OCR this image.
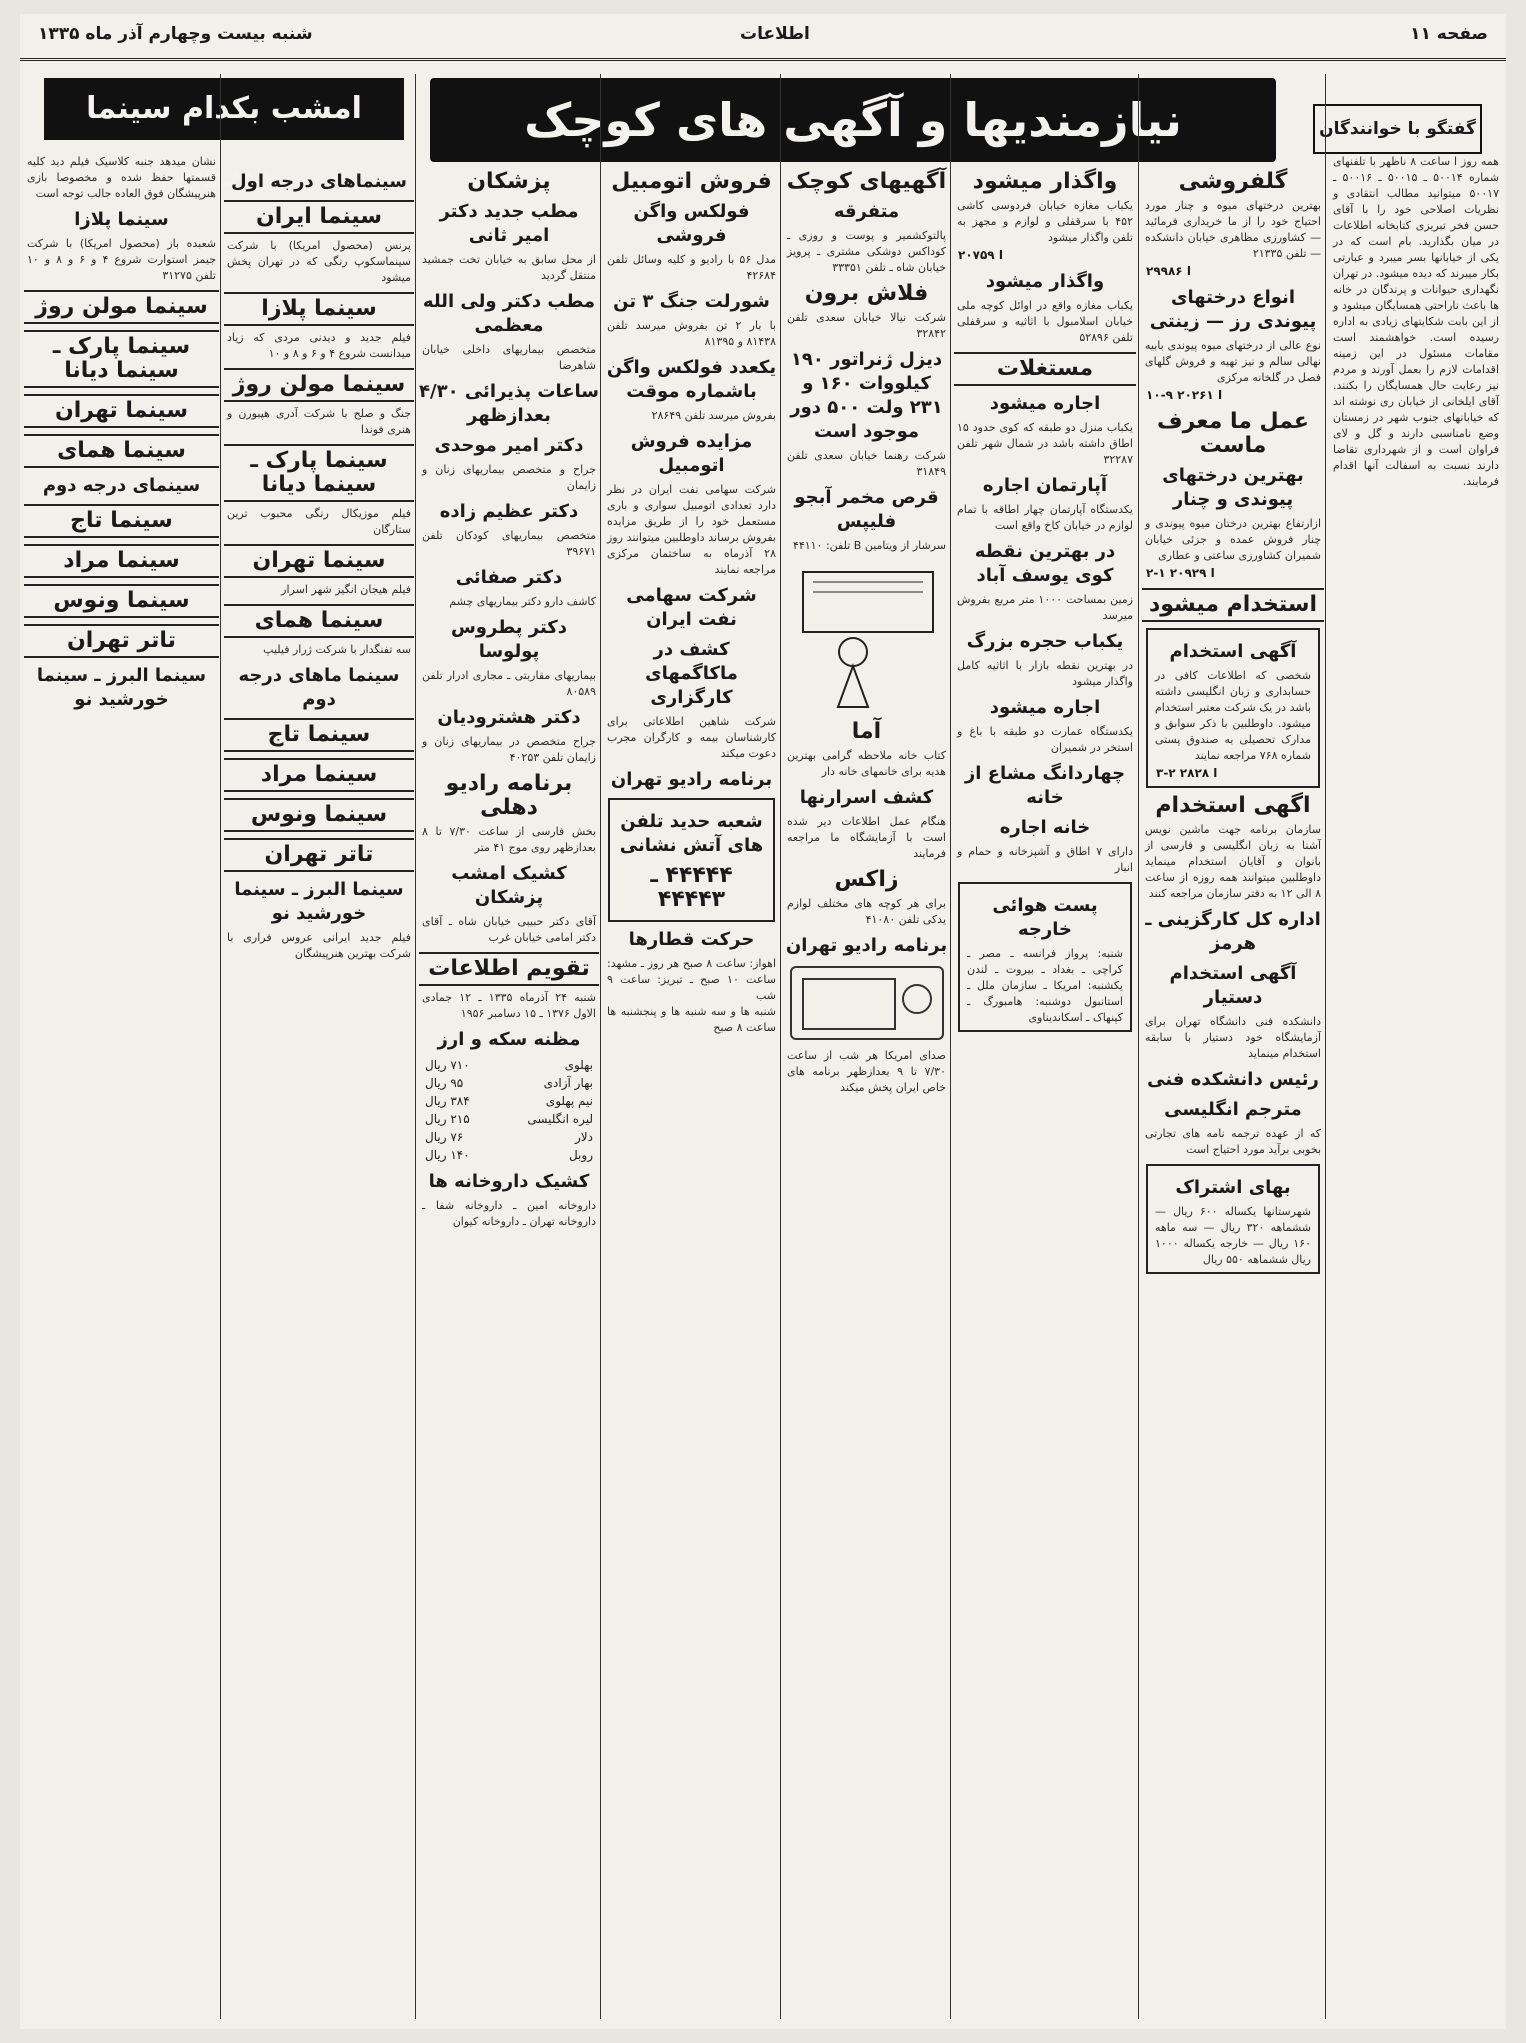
شنبه بیست وچهارم آذر ماه ۱۳۳۵	اطلاعات	صفحه ۱۱
نیازمندیها و آگهی های کوچک
امشب بکدام سینما میروید
گفتگو با خوانندگان
همه روز ا ساعت ۸ ناظهر با تلفنهای شماره ۵۰۰۱۴ ـ ۵۰۰۱۵ ـ ۵۰۰۱۶ ـ ۵۰۰۱۷ میتوانید مطالب انتقادی و نظریات اصلاحی خود را با آقای حسن فخر تبریزی کتابخانه اطلاعات در میان بگذارید. بام است که در یکی از خیابانها بسر میبرد و عبارتی بکار میبرند که دیده میشود. در تهران نگهداری حیوانات و پرندگان در خانه ها باعث ناراحتی همسایگان میشود و از این بابت شکایتهای زیادی به اداره رسیده است. خواهشمند است مقامات مسئول در این زمینه اقدامات لازم را بعمل آورند و مردم نیز رعایت حال همسایگان را بکنند. آقای ایلخانی از خیابان ری نوشته اند که خیابانهای جنوب شهر در زمستان وضع نامناسبی دارند و گل و لای فراوان است و از شهرداری تقاضا دارند نسبت به اسفالت آنها اقدام فرمایند.
گلفروشی
بهترین درختهای میوه و چنار مورد احتیاج خود را از ما خریداری فرمائید — کشاورزی مظاهری خیابان دانشکده — تلفن ۲۱۳۳۵
۲۹۹۸۶ ا
انواع درختهای پیوندی رز — زینتی
نوع عالی از درختهای میوه پیوندی بابیه نهالی سالم و نیز تهیه و فروش گلهای فصل در گلخانه مرکزی
۱۰-۹ ۲۰۲۶۱ ا
عمل ما معرف ماست
بهترین درختهای پیوندی و چنار
ازارتفاع بهترین درختان میوه پیوندی و چنار فروش عمده و جزئی خیابان شمیران کشاورزی ساعتی و عطاری
۲-۱ ۲۰۹۲۹ ا
استخدام میشود
آگهی استخدام
شخصی که اطلاعات کافی در حسابداری و زبان انگلیسی داشته باشد در یک شرکت معتبر استخدام میشود. داوطلبین با ذکر سوابق و مدارک تحصیلی به صندوق پستی شماره ۷۶۸ مراجعه نمایند
۳-۲ ۲۸۲۸ ا
اگهی استخدام
سازمان برنامه جهت ماشین نویس آشنا به زبان انگلیسی و فارسی از بانوان و آقایان استخدام مینماید داوطلبین میتوانند همه روزه از ساعت ۸ الی ۱۲ به دفتر سازمان مراجعه کنند
اداره کل کارگزینی ـ هرمز
آگهی استخدام دستیار
دانشکده فنی دانشگاه تهران برای آزمایشگاه خود دستیار با سابقه استخدام مینماید
رئیس دانشکده فنی
مترجم انگلیسی
که از عهده ترجمه نامه های تجارتی بخوبی برآید مورد احتیاج است
بهای اشتراک
شهرستانها یکساله ۶۰۰ ریال — ششماهه ۳۲۰ ریال — سه ماهه ۱۶۰ ریال — خارجه یکساله ۱۰۰۰ ریال ششماهه ۵۵۰ ریال
واگذار میشود
یکباب مغازه خیابان فردوسی کاشی ۴۵۲ با سرقفلی و لوازم و مجهز به تلفن واگذار میشود
۲۰۷۵۹ ا
واگذار میشود
یکباب مغازه واقع در اوائل کوچه ملی خیابان اسلامبول با اثاثیه و سرقفلی تلفن ۵۲۸۹۶
مستغلات
اجاره میشود
یکباب منزل دو طبقه که کوی حدود ۱۵ اطاق داشته باشد در شمال شهر تلفن ۳۲۲۸۷
آپارتمان اجاره
یکدستگاه آپارتمان چهار اطاقه با تمام لوازم در خیابان کاخ واقع است
در بهترین نقطه کوی یوسف آباد
زمین بمساحت ۱۰۰۰ متر مربع بفروش میرسد
یکباب حجره بزرگ
در بهترین نقطه بازار با اثاثیه کامل واگذار میشود
اجاره میشود
یکدستگاه عمارت دو طبقه با باغ و استخر در شمیران
چهاردانگ مشاع از خانه
خانه اجاره
دارای ۷ اطاق و آشپزخانه و حمام و انبار
پست هوائی خارجه
شنبه: پرواز فرانسه ـ مصر ـ کراچی ـ بغداد ـ بیروت ـ لندن یکشنبه: امریکا ـ سازمان ملل ـ استانبول دوشنبه: هامبورگ ـ کپنهاک ـ اسکاندیناوی
آگهیهای کوچک
متفرقه
پالتوکشمیر و پوست و روزی ـ کوداکس دوشکی مشتری ـ پرویز خیابان شاه ـ تلفن ۳۳۳۵۱
فلاش برون
شرکت نیالا خیابان سعدی تلفن ۳۲۸۴۲
دیزل ژنراتور ۱۹۰ کیلووات ۱۶۰ و ۲۳۱ ولت ۵۰۰ دور موجود است
شرکت رهنما خیابان سعدی تلفن ۳۱۸۴۹
قرص مخمر آبجو فلیپس
سرشار از ویتامین B تلفن: ۴۴۱۱۰
آما
کتاب خانه ملاحظه گرامی بهترین هدیه برای خانمهای خانه دار
کشف اسرارنها
هنگام عمل اطلاعات دیر شده است با آزمایشگاه ما مراجعه فرمایند
زاکس
برای هر کوچه های مختلف لوازم یدکی تلفن ۴۱۰۸۰
برنامه رادیو تهران
صدای امریکا هر شب از ساعت ۷/۳۰ تا ۹ بعدازظهر برنامه های خاص ایران پخش میکند
فروش اتومبیل
فولکس واگن فروشی
مدل ۵۶ با رادیو و کلیه وسائل تلفن ۴۲۶۸۴
شورلت جنگ ۳ تن
با بار ۲ تن بفروش میرسد تلفن ۸۱۴۳۸ و ۸۱۳۹۵
یکعدد فولکس واگن باشماره موقت
بفروش میرسد تلفن ۲۸۶۴۹
مزایده فروش اتومبیل
شرکت سهامی نفت ایران در نظر دارد تعدادی اتومبیل سواری و باری مستعمل خود را از طریق مزایده بفروش برساند داوطلبین میتوانند روز ۲۸ آذرماه به ساختمان مرکزی مراجعه نمایند
شرکت سهامی نفت ایران
کشف در ماکاگمهای کارگزاری
شرکت شاهین اطلاعاتی برای کارشناسان بیمه و کارگران مجرب دعوت میکند
برنامه رادیو تهران
شعبه حدید تلفن های آتش نشانی
۴۴۴۴۴ ـ ۴۴۴۴۳
حرکت قطارها
اهواز: ساعت ۸ صبح هر روز ـ مشهد: ساعت ۱۰ صبح ـ تبریز: ساعت ۹ شب
شنبه ها و سه شنبه ها و پنجشنبه ها ساعت ۸ صبح
پزشکان
مطب جدید دکتر امیر ثانی
از محل سابق به خیابان تخت جمشید منتقل گردید
مطب دکتر ولی الله معظمی
متخصص بیماریهای داخلی خیابان شاهرضا
ساعات پذیرائی ۴/۳۰ بعدازظهر
دکتر امیر موحدی
جراح و متخصص بیماریهای زنان و زایمان
دکتر عظیم زاده
متخصص بیماریهای کودکان تلفن ۳۹۶۷۱
دکتر صفائی
کاشف دارو دکتر بیماریهای چشم
دکتر پطروس پولوسا
بیماریهای مقاربتی ـ مجاری ادرار تلفن ۸۰۵۸۹
دکتر هشترودیان
جراح متخصص در بیماریهای زنان و زایمان تلفن ۴۰۲۵۳
برنامه رادیو دهلی
بخش فارسی از ساعت ۷/۳۰ تا ۸ بعدازظهر روی موج ۴۱ متر
کشیک امشب پزشکان
آقای دکتر حبیبی خیابان شاه ـ آقای دکتر امامی خیابان غرب
تقویم اطلاعات
شنبه ۲۴ آذرماه ۱۳۳۵ ـ ۱۲ جمادی الاول ۱۳۷۶ ـ ۱۵ دسامبر ۱۹۵۶
مظنه سکه و ارز
بهلوی
۷۱۰ ریال
بهار آزادی
۹۵ ریال
نیم پهلوی
۳۸۴ ریال
لیره انگلیسی
۲۱۵ ریال
دلار
۷۶ ریال
روبل
۱۴۰ ریال
کشیک داروخانه ها
داروخانه امین ـ داروخانه شفا ـ داروخانه تهران ـ داروخانه کیوان
سینماهای درجه اول
سینما ایران
پرنس (محصول امریکا) با شرکت سینماسکوپ رنگی که در تهران پخش میشود
سینما پلازا
فیلم جدید و دیدنی مردی که زیاد میدانست شروع ۴ و ۶ و ۸ و ۱۰
سینما مولن روژ
جنگ و صلح با شرکت آدری هپبورن و هنری فوندا
سینما پارک ـ سینما دیانا
فیلم موزیکال رنگی محبوب ترین ستارگان
سینما تهران
فیلم هیجان انگیز شهر اسرار
سینما همای
سه تفنگدار با شرکت ژرار فیلیپ
سینما ماهای درجه دوم
سینما تاج
سینما مراد
سینما ونوس
تاتر تهران
سینما البرز ـ سینما خورشید نو
فیلم جدید ایرانی عروس فراری با شرکت بهترین هنرپیشگان
نشان میدهد جنبه کلاسیک فیلم دید کلیه قسمتها حفظ شده و مخصوصا بازی هنرپیشگان فوق العاده جالب توجه است
سینما پلازا
شعبده باز (محصول امریکا) با شرکت جیمز استوارت شروع ۴ و ۶ و ۸ و ۱۰ تلفن ۳۱۲۷۵
سینما مولن روژ
سینما پارک ـ سینما دیانا
سینما تهران
سینما همای
سینمای درجه دوم
سینما تاج
سینما مراد
سینما ونوس
تاتر تهران
سینما البرز ـ سینما خورشید نو
